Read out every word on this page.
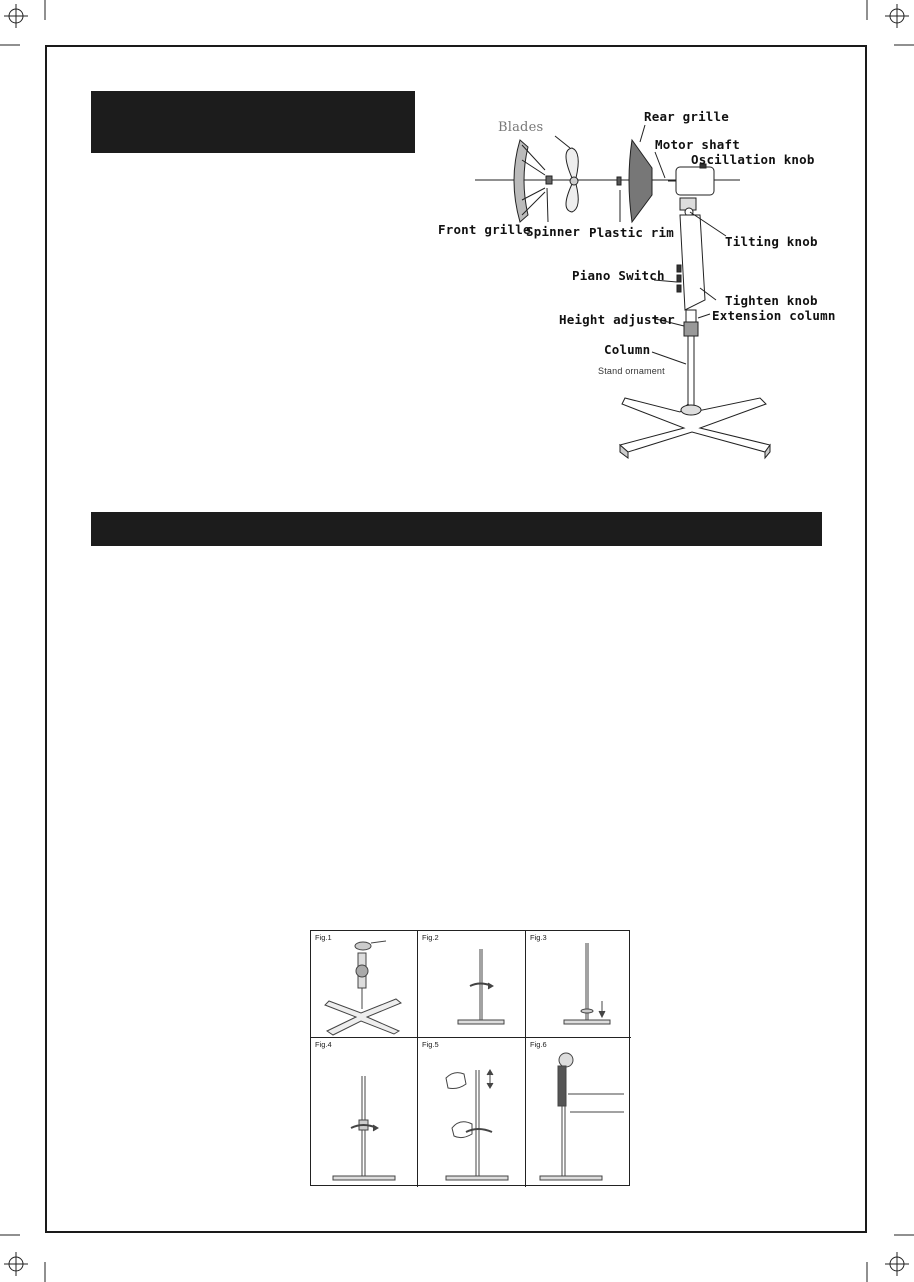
Blades
Rear grille
Motor shaft
Oscillation knob
Front grille
Spinner Plastic rim
Tilting knob
Piano Switch
Tighten knob
Height adjuster	Extension column
Column
Stand ornament
Fig.1	Fig.2	Fig.3
Fig.4	Fig.5	Fig.6
